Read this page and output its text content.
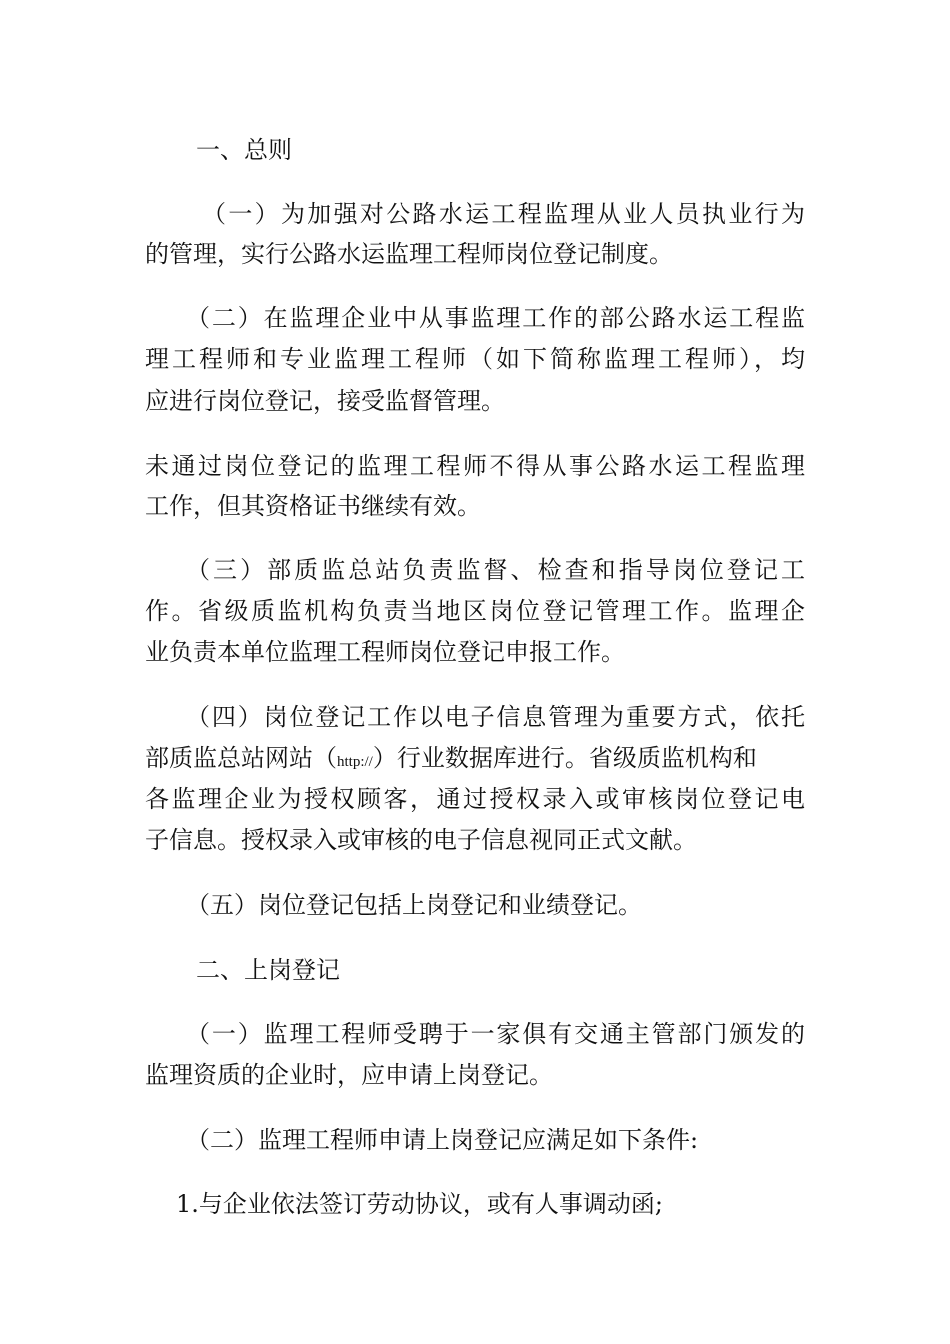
一、总则
（一）为加强对公路水运工程监理从业人员执业行为
的管理，实行公路水运监理工程师岗位登记制度。
（二）在监理企业中从事监理工作的部公路水运工程监
理工程师和专业监理工程师（如下简称监理工程师），均
应进行岗位登记，接受监督管理。
未通过岗位登记的监理工程师不得从事公路水运工程监理
工作，但其资格证书继续有效。
（三）部质监总站负责监督、检查和指导岗位登记工
作。省级质监机构负责当地区岗位登记管理工作。监理企
业负责本单位监理工程师岗位登记申报工作。
（四）岗位登记工作以电子信息管理为重要方式，依托
部质监总站网站（http://）行业数据库进行。省级质监机构和
各监理企业为授权顾客，通过授权录入或审核岗位登记电
子信息。授权录入或审核的电子信息视同正式文献。
（五）岗位登记包括上岗登记和业绩登记。
二、上岗登记
（一）监理工程师受聘于一家俱有交通主管部门颁发的
监理资质的企业时，应申请上岗登记。
（二）监理工程师申请上岗登记应满足如下条件:
1.与企业依法签订劳动协议，或有人事调动函;
